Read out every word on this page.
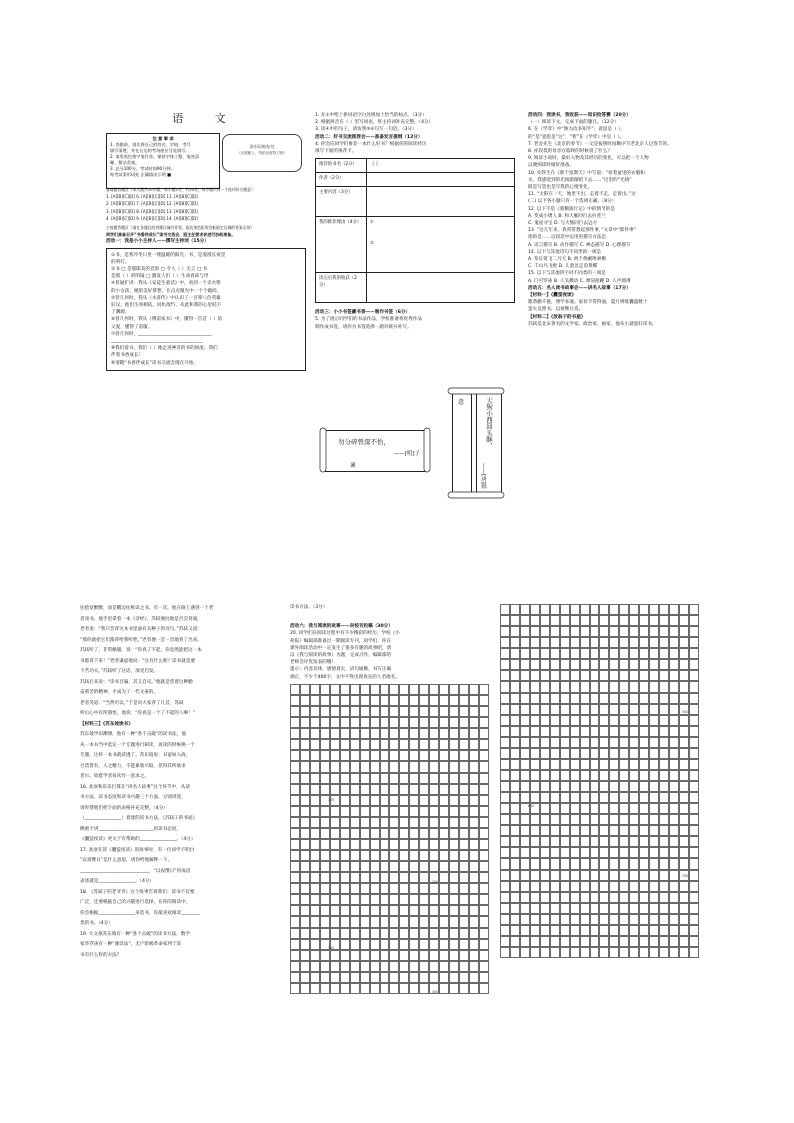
语 文

注 意 事 项

1. 答题前，请先将自己的姓名、学校、考号

填写清楚，并在右边的考场座位号处填写。

2. 请用黑色签字笔作答，保持字体工整、笔迹清

晰，整洁美观。

3. 总分100分，考试时间90分钟。

贴考试条形码处 正确填涂示例 ■

条形码粘贴处

（正面朝上，勿贴出虚线方框）

客观题答题区（本大题共10小题，每小题2分，共20分。每小题只有一个选项符合题意）

1. [A][B][C][D] 6. [A][B][C][D] 11. [A][B][C][D]

2. [A][B][C][D] 7. [A][B][C][D] 12. [A][B][C][D]

3. [A][B][C][D] 8. [A][B][C][D] 13. [A][B][C][D]

4. [A][B][C][D] 9. [A][B][C][D] 14. [A][B][C][D]

主观题答题区（请在各题目的答题区域内作答，超出黑色矩形边框限定区域的答案无效）

同学们准备召开“书香伴成长”读书交流会，班主任要求你进行协助准备。

活动一：我是小小主持人——撰写主持词（15分）

①书，是寒冷冬日里一缕温暖的阳光；书，是漫漫长夜里

的明灯。

②书 □ 是那耶美的音韵 □ 令人（ ）无言 □ 书

是那（ ）的明镜 □ 激发人们（ ）生命真谛与世

④普通扩讲：我从《安徒生童话》中，看到一个卖火柴

的小女孩，她的美好梦想，在点点微光中一个个破碎。

⑤曾几何时，我从《水浒传》中认识了一百零八位英雄

好汉，他们生死相依、同仇敌忾，从此和我的心里结下

了渊源。

⑥曾几何时，我从《傅雷家书》中，懂得一首首（ ）的

父爱，懂得了雷敏。

⑦曾几何时，________________________________

________________________________________

⑧我们爱书，我们（ ）地走进神奇的书的国度，我们

伴着书香成长！

⑨请随“书香伴成长”读书交流会现在开始。

1. 在①中给上拼词语空白处填加上恰当的标点。（3分）

2. 根据拼音在（ ）里写词语，将主持词补充完整。（4分）

3. 读④中的句子，请仿照⑤⑥句写一句话。（3分）

活动二：好书交流推荐会——准备发言提纲（12分）

4. 你会向同学们推荐一本什么好书？根据你的阅读经历

填写下面的推荐卡。

推荐的书名（2分）	《 》
作者（2分）	
主要内容（3分）	
我的推荐理由（4分）	①

②

读完后我的收获（2分）	

活动三：小小书签藏书香——制作书签（6分）

5. 为了展示同学们的书法作品，学校准备将优秀作品

制作成书签，请你为书签选择一副对联并补写。

勿分碎曾深不怡，

——[明]子

谏

天狗小西回头酥，

——[唐]韩

意

活动四：我读书，我收获——知识抢答赛（20分）

（一）阅读下文，完成下面的题目。（12分）

6. 在《学弈》中“孰为汝多知乎”，意思是（ ）。

的“是”意思是“这”，“智”在《学弈》中是（ ）。

7. 老舍先生《北京的春节》一文是按照时间顺序写老北京人过春节的。

8. 祥叔叔的母亲在临终的时候说了什么？

9. 阅读小说时，最好入物及其经历的变化，可以把一个人物

以便阅读时做好准备。

10. 史铁生在《那个星期天》中写道：“看着盆里的衣服和

水，我感觉到的光线渐渐暗下去……”这里的“光线”

既是写景也是写我的心情变化。

11. “太阳在一天，地里不出，走着不走，走着出。”这

(二) 以下各小题只有一个选项正确。（8分）

12. 以下不是《骑鹅旅行记》中的情节的是

A. 变成小矮人 B. 和大雁同行去拉普兰

C. 鬼屋寻宝 D. 与大熊同行去远方

13. “这几年来，我常常想起那件事，”文章中“那件事”

指的是……这段话中运用的描写方法是

A. 语言描写 B. 动作描写 C. 神态描写 D. 心理描写

14. 以下与其他诗句不同类的一项是

A. 草长莺飞二月天 B. 两个黄鹂鸣翠柳

C. 千山鸟飞绝 D. 儿童急走追黄蝶

15. 以下与其他四字词不同类的一项是

A. 门可罗雀 B. 人头攒动 C. 摩肩接踵 D. 人声鼎沸

活动五：名人读书故事会——讲名人故事（17分）

【材料一】《囊萤夜读》

胤恭勤不倦，博学多通。家贫不常得油，夏月则练囊盛数十

萤火以照书，以夜继日焉。

【材料二】《放翁子的书屋》

苏轼是北宋著名的文学家、政治家、画家，他从小就爱好读书，

往绘宽醉醉，而是醒边往称读之书。有一次，他在路上遇到一个老

者谈书，他手里拿着一本《诗经》，苏轼便问他是否会背诵，

老者说：“我只会背这本书里面有关种子的诗句。”苏轼又道：

“那你就把它们都背给我听吧。”老者便一首一首地背了出来。

苏轼听了，非常佩服，说：“你真了不起，你竟然能把这一本

书都背下来！”老者谦虚地说：“这有什么呢？读书就是要

下苦功夫。”苏轼听了这话，深受启发。

苏轼后来说：“读书百遍，其义自见。”他就是凭着这种勤

奋刻苦的精神，才成为了一代文豪的。

老者笑道：“当然可以，”于是向大家背了几首，苏轼

听后心中有所感悟，他说：“你真是一个了不起的人啊！”

【材料三】《苏东坡读书》

苏东坡学识渊博，他有一种“各个击破”的读书法，他

从一本书当中选定一个专题进行研读，再读的时候换一个

专题，这样一本书就读透了。苏东坡说：书富如入海，

百货皆有，人之精力，不能兼收尽取，但得其所欲求

者尔。故愿学者每次作一意求之。

16. 欢欢和乐乐打算在“讲名人故事”这个环节中，从读

书方法、读书态度和读书兴趣三个方面，分别讲述，

请你帮他们把下面的表格补充完整。（4分）

（________________）着迷的读书方法，《苏轼子的书屋》

侧重于讲________________________的读书态度，

《囊萤夜读》更关于有帮助的________________。（4分）

17. 欢欢在读《囊萤夜读》的故事时，有一位同学不明白

“以夜继日”是什么意思，请你给他解释一下。

______________________________，“以夜继日”用成语

表述就是________________。（4分）

18. 《苏轼子的老爷爷》这个故事告诉我们：读书不仅要

广泛，还要根据自己的兴趣进行选择。在你的阅读中，

你会根据________________来选书，你最喜欢阅读________

类的书。（4分）

19. 大文豪苏东坡有一种“各个击破”的读书方法，数学

家华罗庚有一种“薄读法”，无产阶级革命家列宁读

书有什么样的方法？

读书方法。（3分）

活动六：我与阅读的故事——向校刊投稿（30分）

20. 同学们在阅读过程中有不少精彩的经历，学校《小

荷报》编辑部准备出一期阅读专刊，同学们，你在

课外阅读活动中一定发生了很多有趣的故事吧，请

以《我与阅读的故事》为题，完成习作，编辑部的

老师会评优发表的哦！

提示：内容具体，感情真实，语句通顺，书写正确

端正，不少于400字，文中不得出现真实的人名地名。

100
200
300
400
500
600
700
